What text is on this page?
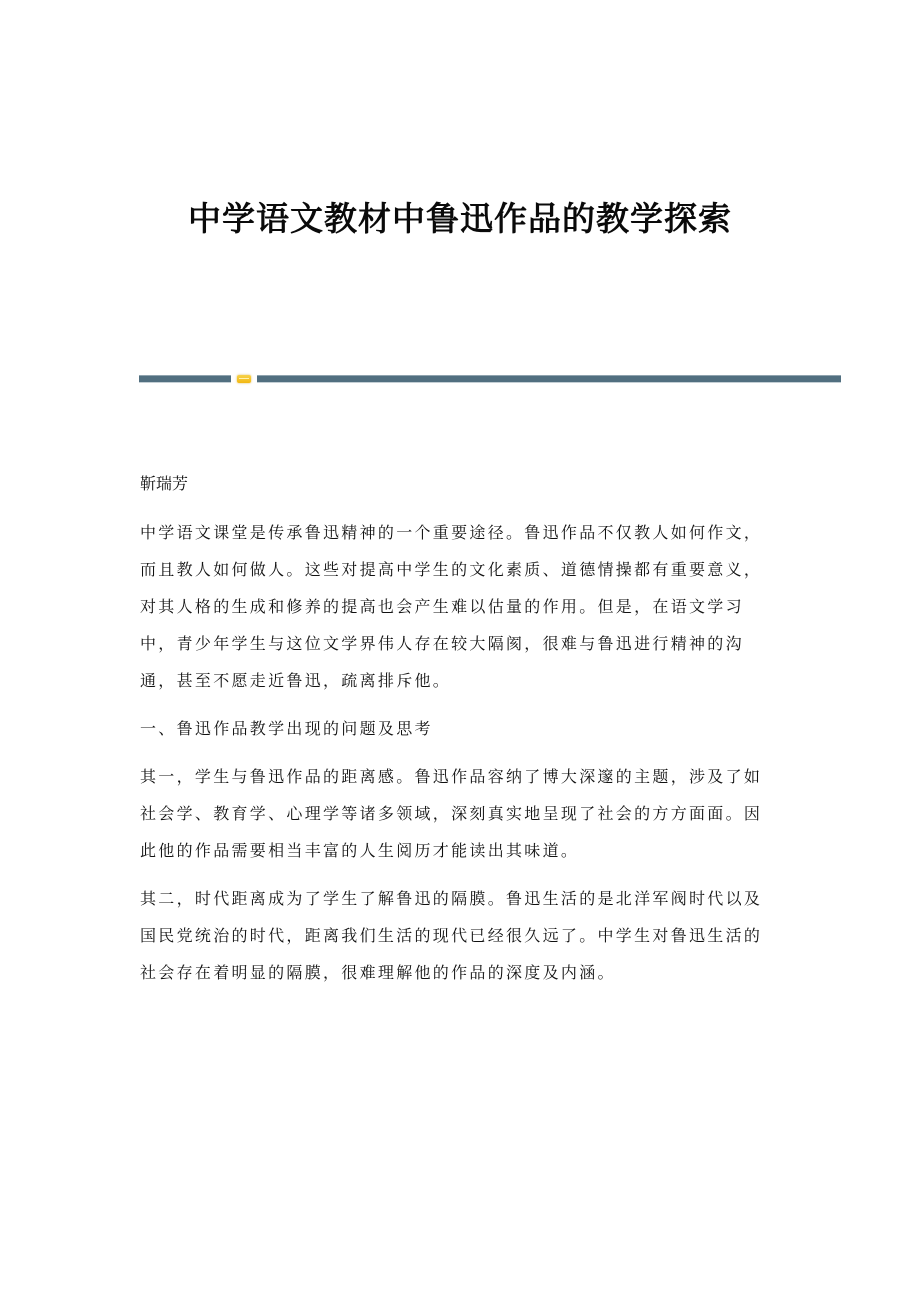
中学语文教材中鲁迅作品的教学探索
靳瑞芳
中学语文课堂是传承鲁迅精神的一个重要途径。鲁迅作品不仅教人如何作文，
而且教人如何做人。这些对提高中学生的文化素质、道德情操都有重要意义，
对其人格的生成和修养的提高也会产生难以估量的作用。但是，在语文学习
中，青少年学生与这位文学界伟人存在较大隔阂，很难与鲁迅进行精神的沟
通，甚至不愿走近鲁迅，疏离排斥他。
一、鲁迅作品教学出现的问题及思考
其一，学生与鲁迅作品的距离感。鲁迅作品容纳了博大深邃的主题，涉及了如
社会学、教育学、心理学等诸多领域，深刻真实地呈现了社会的方方面面。因
此他的作品需要相当丰富的人生阅历才能读出其味道。
其二，时代距离成为了学生了解鲁迅的隔膜。鲁迅生活的是北洋军阀时代以及
国民党统治的时代，距离我们生活的现代已经很久远了。中学生对鲁迅生活的
社会存在着明显的隔膜，很难理解他的作品的深度及内涵。
